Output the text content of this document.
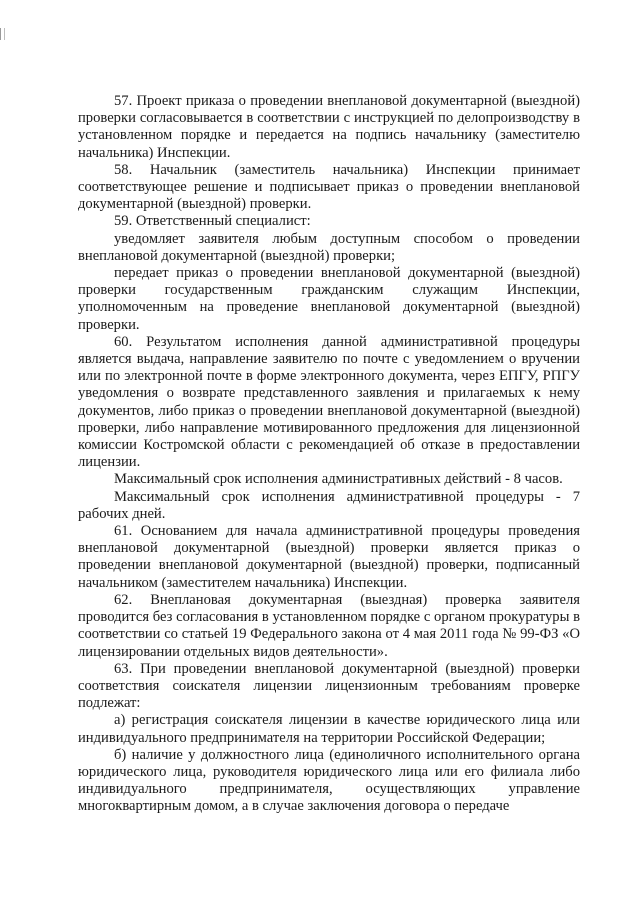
57. Проект приказа о проведении внеплановой документарной (выездной) проверки согласовывается в соответствии с инструкцией по делопроизводству в установленном порядке и передается на подпись начальнику (заместителю начальника) Инспекции.

58. Начальник (заместитель начальника) Инспекции принимает соответствующее решение и подписывает приказ о проведении внеплановой документарной (выездной) проверки.

59. Ответственный специалист:

уведомляет заявителя любым доступным способом о проведении внеплановой документарной (выездной) проверки;

передает приказ о проведении внеплановой документарной (выездной) проверки государственным гражданским служащим Инспекции, уполномоченным на проведение внеплановой документарной (выездной) проверки.

60. Результатом исполнения данной административной процедуры является выдача, направление заявителю по почте с уведомлением о вручении или по электронной почте в форме электронного документа, через ЕПГУ, РПГУ уведомления о возврате представленного заявления и прилагаемых к нему документов, либо приказ о проведении внеплановой документарной (выездной) проверки, либо направление мотивированного предложения для лицензионной комиссии Костромской области с рекомендацией об отказе в предоставлении лицензии.

Максимальный срок исполнения административных действий - 8 часов.

Максимальный срок исполнения административной процедуры - 7 рабочих дней.

61. Основанием для начала административной процедуры проведения внеплановой документарной (выездной) проверки является приказ о проведении внеплановой документарной (выездной) проверки, подписанный начальником (заместителем начальника) Инспекции.

62. Внеплановая документарная (выездная) проверка заявителя проводится без согласования в установленном порядке с органом прокуратуры в соответствии со статьей 19 Федерального закона от 4 мая 2011 года № 99-ФЗ «О лицензировании отдельных видов деятельности».

63. При проведении внеплановой документарной (выездной) проверки соответствия соискателя лицензии лицензионным требованиям проверке подлежат:

а) регистрация соискателя лицензии в качестве юридического лица или индивидуального предпринимателя на территории Российской Федерации;

б) наличие у должностного лица (единоличного исполнительного органа юридического лица, руководителя юридического лица или его филиала либо индивидуального предпринимателя, осуществляющих управление многоквартирным домом, а в случае заключения договора о передаче
